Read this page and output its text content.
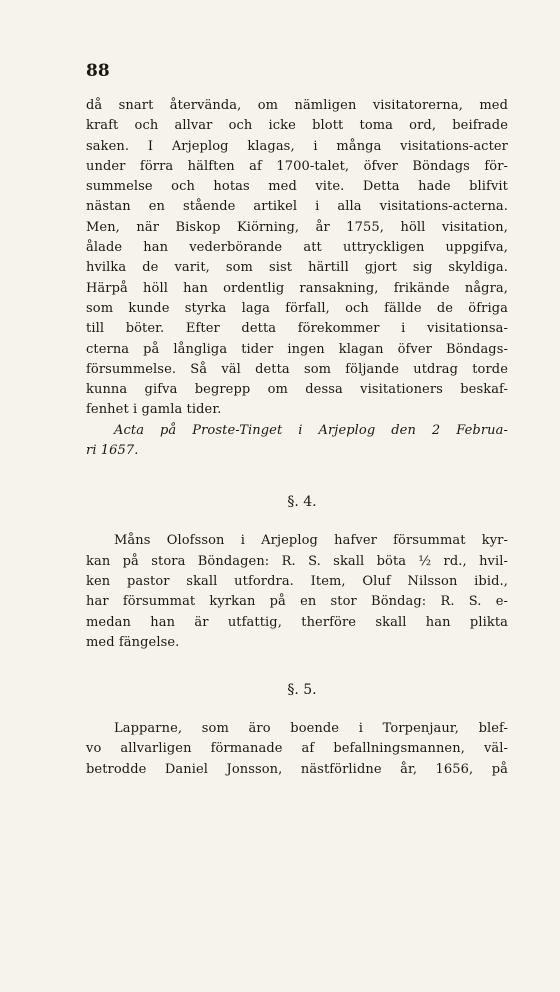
88
då snart återvända, om nämligen visitatorerna, med
kraft och allvar och icke blott toma ord, beifrade
saken. I Arjeplog klagas, i många visitations-acter
under förra hälften af 1700-talet, öfver Böndags för-
summelse och hotas med vite. Detta hade blifvit
nästan en stående artikel i alla visitations-acterna.
Men, när Biskop Kiörning, år 1755, höll visitation,
ålade han vederbörande att uttryckligen uppgifva,
hvilka de varit, som sist härtill gjort sig skyldiga.
Härpå höll han ordentlig ransakning, frikände några,
som kunde styrka laga förfall, och fällde de öfriga
till böter. Efter detta förekommer i visitationsa-
cterna på långliga tider ingen klagan öfver Böndags-
försummelse. Så väl detta som följande utdrag torde
kunna gifva begrepp om dessa visitationers beskaf-
fenhet i gamla tider.
Acta på Proste-Tinget i Arjeplog den 2 Februa-
ri 1657.
§. 4.
Måns Olofsson i Arjeplog hafver försummat kyr-
kan på stora Böndagen: R. S. skall böta ½ rd., hvil-
ken pastor skall utfordra. Item, Oluf Nilsson ibid.,
har försummat kyrkan på en stor Böndag: R. S. e-
medan han är utfattig, therföre skall han plikta
med fängelse.
§. 5.
Lapparne, som äro boende i Torpenjaur, blef-
vo allvarligen förmanade af befallningsmannen, väl-
betrodde Daniel Jonsson, nästförlidne år, 1656, på
